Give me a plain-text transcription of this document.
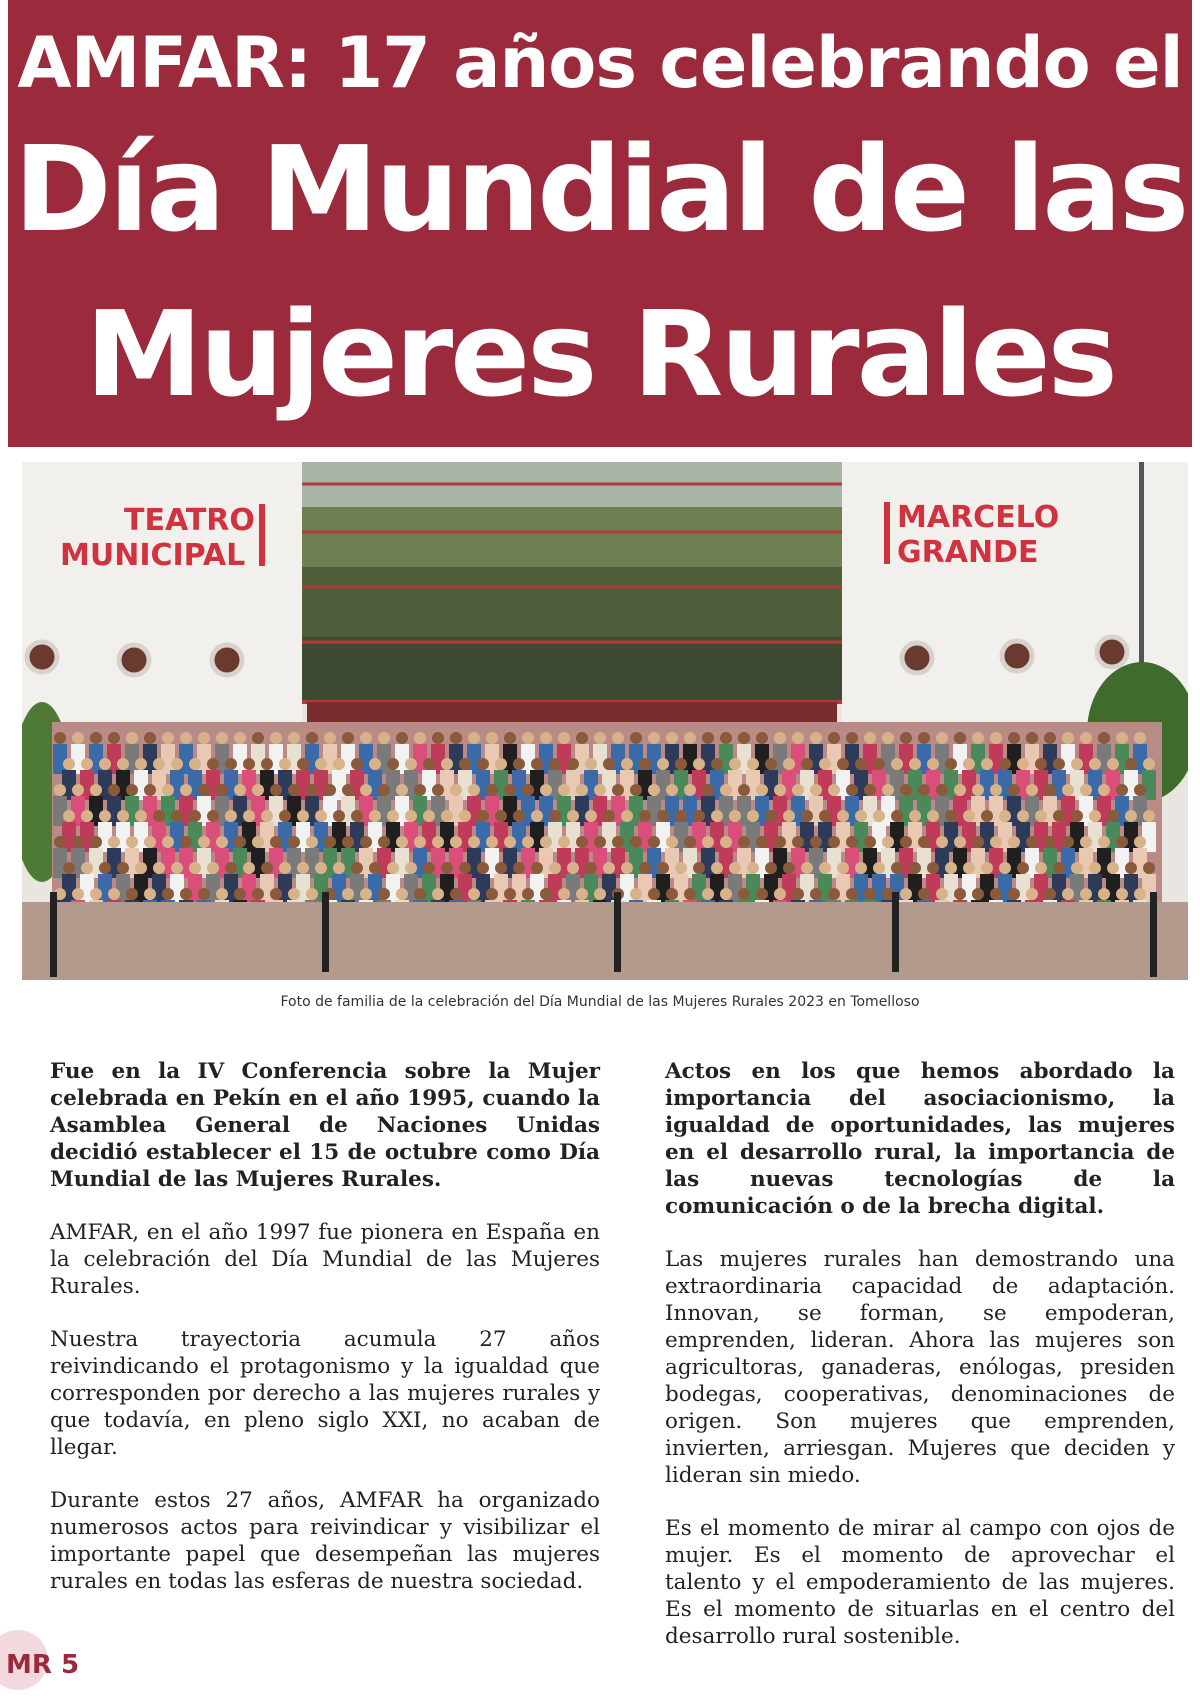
AMFAR: 17 años celebrando el
Día Mundial de las
Mujeres Rurales
TEATRO
MUNICIPAL
MARCELO
GRANDE
Foto de familia de la celebración del Día Mundial de las Mujeres Rurales 2023 en Tomelloso

Fue en la IV Conferencia sobre la Mujer celebrada en Pekín en el año 1995, cuando la Asamblea General de Naciones Unidas decidió establecer el 15 de octubre como Día Mundial de las Mujeres Rurales.

AMFAR, en el año 1997 fue pionera en España en la celebración del Día Mundial de las Mujeres Rurales.

Nuestra trayectoria acumula 27 años reivindicando el protagonismo y la igualdad que corresponden por derecho a las mujeres rurales y que todavía, en pleno siglo XXI, no acaban de llegar.

Durante estos 27 años, AMFAR ha organizado numerosos actos para reivindicar y visibilizar el importante papel que desempeñan las mujeres rurales en todas las esferas de nuestra sociedad.

Actos en los que hemos abordado la importancia del asociacionismo, la igualdad de oportunidades, las mujeres en el desarrollo rural, la importancia de las nuevas tecnologías de la comunicación o de la brecha digital.

Las mujeres rurales han demostrando una extraordinaria capacidad de adaptación. Innovan, se forman, se empoderan, emprenden, lideran. Ahora las mujeres son agricultoras, ganaderas, enólogas, presiden bodegas, cooperativas, denominaciones de origen. Son mujeres que emprenden, invierten, arriesgan. Mujeres que deciden y lideran sin miedo.

Es el momento de mirar al campo con ojos de mujer. Es el momento de aprovechar el talento y el empoderamiento de las mujeres. Es el momento de situarlas en el centro del desarrollo rural sostenible.

MR 5
